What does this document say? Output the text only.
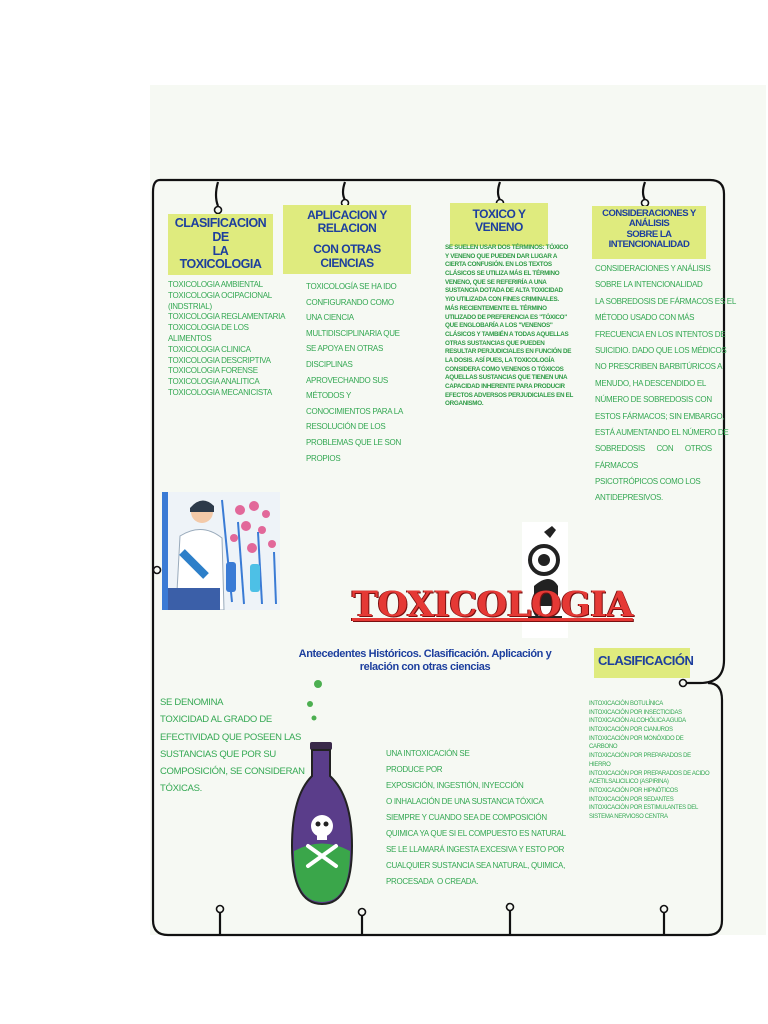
CLASIFICACION DE
LA TOXICOLOGIA
TOXICOLOGIA AMBIENTAL
TOXICOLOGIA OCIPACIONAL
(INDSTRIAL)
TOXICOLOGIA REGLAMENTARIA
TOXICOLOGIA DE LOS
ALIMENTOS
TOXICOLOGIA CLINICA
TOXICOLOGIA DESCRIPTIVA
TOXICOLOGIA FORENSE
TOXICOLOGIA ANALITICA
TOXICOLOGIA MECANICISTA
APLICACION Y RELACION
CON OTRAS CIENCIAS
TOXICOLOGÍA SE HA IDO
CONFIGURANDO COMO
UNA CIENCIA
MULTIDISCIPLINARIA QUE
SE APOYA EN OTRAS
DISCIPLINAS
APROVECHANDO SUS
MÉTODOS Y
CONOCIMIENTOS PARA LA
RESOLUCIÓN DE LOS
PROBLEMAS QUE LE SON
PROPIOS
TOXICO Y VENENO
SE SUELEN USAR DOS TÉRMINOS: TÓXICO
Y VENENO QUE PUEDEN DAR LUGAR A
CIERTA CONFUSIÓN. EN LOS TEXTOS
CLÁSICOS SE UTILIZA MÁS EL TÉRMINO
VENENO, QUE SE REFERIRÍA A UNA
SUSTANCIA DOTADA DE ALTA TOXICIDAD
Y/O UTILIZADA CON FINES CRIMINALES.
MÁS RECIENTEMENTE EL TÉRMINO
UTILIZADO DE PREFERENCIA ES "TÓXICO"
QUE ENGLOBARÍA A LOS "VENENOS"
CLÁSICOS Y TAMBIÉN A TODAS AQUELLAS
OTRAS SUSTANCIAS QUE PUEDEN
RESULTAR PERJUDICIALES EN FUNCIÓN DE
LA DOSIS. ASÍ PUES, LA TOXICOLOGÍA
CONSIDERA COMO VENENOS O TÓXICOS
AQUELLAS SUSTANCIAS QUE TIENEN UNA
CAPACIDAD INHERENTE PARA PRODUCIR
EFECTOS ADVERSOS PERJUDICIALES EN EL
ORGANISMO.
CONSIDERACIONES Y ANÁLISIS
SOBRE LA INTENCIONALIDAD
CONSIDERACIONES Y ANÁLISIS
SOBRE LA INTENCIONALIDAD
LA SOBREDOSIS DE FÁRMACOS ES EL
MÉTODO USADO CON MÁS
FRECUENCIA EN LOS INTENTOS DE
SUICIDIO. DADO QUE LOS MÉDICOS
NO PRESCRIBEN BARBITÚRICOS A
MENUDO, HA DESCENDIDO EL
NÚMERO DE SOBREDOSIS CON
ESTOS FÁRMACOS; SIN EMBARGO,
ESTÁ AUMENTANDO EL NÚMERO DE
SOBREDOSIS      CON      OTROS
FÁRMACOS
PSICOTRÓPICOS COMO LOS
ANTIDEPRESIVOS.
TOXICOLOGIA
Antecedentes Históricos. Clasificación. Aplicación y relación con otras ciencias	CLASIFICACIÓN
INTOXICACIÓN BOTULÍNICA
INTOXICACIÓN POR INSECTICIDAS
INTOXICACIÓN ALCOHÓLICA AGUDA
INTOXICACIÓN POR CIANUROS
INTOXICACIÓN POR MONÓXIDO DE
CARBONO
INTOXICACIÓN POR PREPARADOS DE
HIERRO
INTOXICACIÓN POR PREPARADOS DE ACIDO
ACETILSALICILICO (ASPIRINA)
INTOXICACIÓN POR HIPNÓTICOS
INTOXICACIÓN POR SEDANTES
INTOXICACIÓN POR ESTIMULANTES DEL
SISTEMA NERVIOSO CENTRA
SE DENOMINA
TOXICIDAD AL GRADO DE
EFECTIVIDAD QUE POSEEN LAS
SUSTANCIAS QUE POR SU
COMPOSICIÓN, SE CONSIDERAN
TÓXICAS.
UNA INTOXICACIÓN SE
PRODUCE POR
EXPOSICIÓN, INGESTIÓN, INYECCIÓN
O INHALACIÓN DE UNA SUSTANCIA TÓXICA
SIEMPRE Y CUANDO SEA DE COMPOSICIÓN
QUIMICA YA QUE SI EL COMPUESTO ES NATURAL
SE LE LLAMARÁ INGESTA EXCESIVA Y ESTO POR
CUALQUIER SUSTANCIA SEA NATURAL, QUIMICA,
PROCESADA  O CREADA.
